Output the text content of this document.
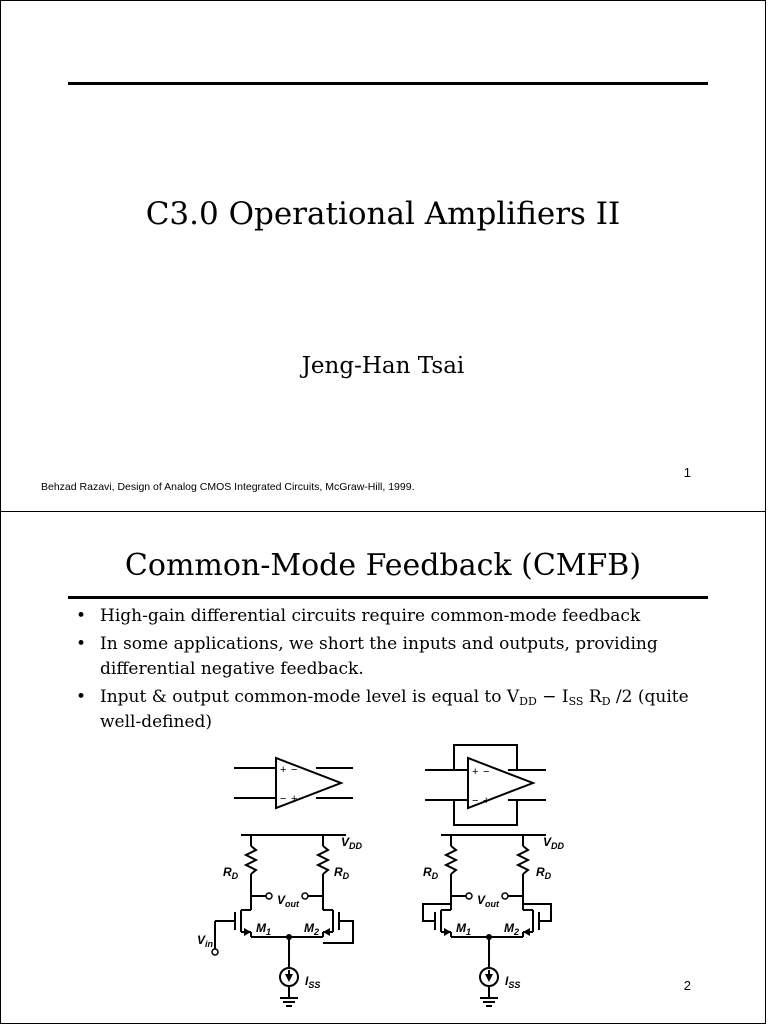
C3.0 Operational Amplifiers II
Jeng-Han Tsai
1
Behzad Razavi, Design of Analog CMOS Integrated Circuits, McGraw-Hill, 1999.
Common-Mode Feedback (CMFB)
• High-gain differential circuits require common-mode feedback
• In some applications, we short the inputs and outputs, providing differential negative feedback.
• Input & output common-mode level is equal to $V_{DD} - I_{SS}$ $R_D$ /2 (quite well-defined)
+ −
− +
+ −
− +
$V_{DD}$
$R_D$	$R_D$
$V_{out}$
$M_1$	$M_2$
$V_{in}$
$I_{SS}$
$V_{DD}$
$R_D$	$R_D$
$V_{out}$
$M_1$	$M_2$
$I_{SS}$	2
